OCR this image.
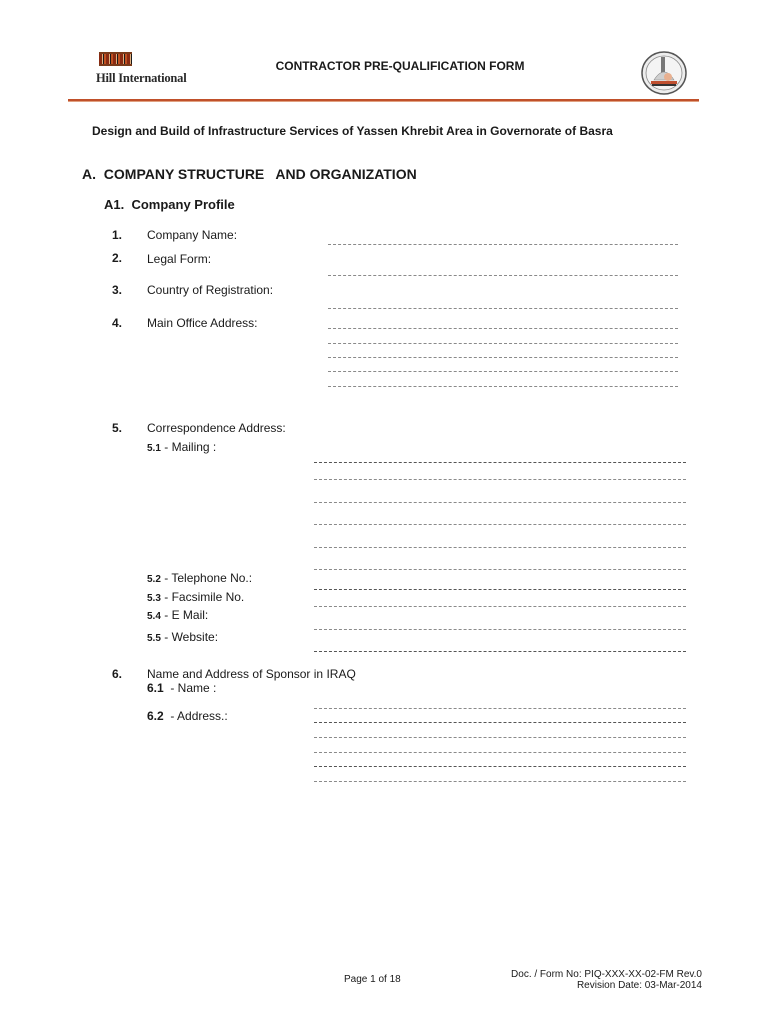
Hill International
CONTRACTOR PRE-QUALIFICATION FORM
Design and Build of Infrastructure Services of Yassen Khrebit Area in Governorate of Basra
A.  COMPANY STRUCTURE   AND ORGANIZATION
A1.  Company Profile
1. Company Name:
2. Legal Form:
3. Country of Registration:
4. Main Office Address:
5. Correspondence Address:
5.1 - Mailing :
5.2 - Telephone No.:
5.3 - Facsimile No.
5.4 - E Mail:
5.5 - Website:
6. Name and Address of Sponsor in IRAQ
6.1  - Name :
6.2  - Address.:
Page 1 of 18	Doc. / Form No: PIQ-XXX-XX-02-FM Rev.0
Revision Date: 03-Mar-2014
